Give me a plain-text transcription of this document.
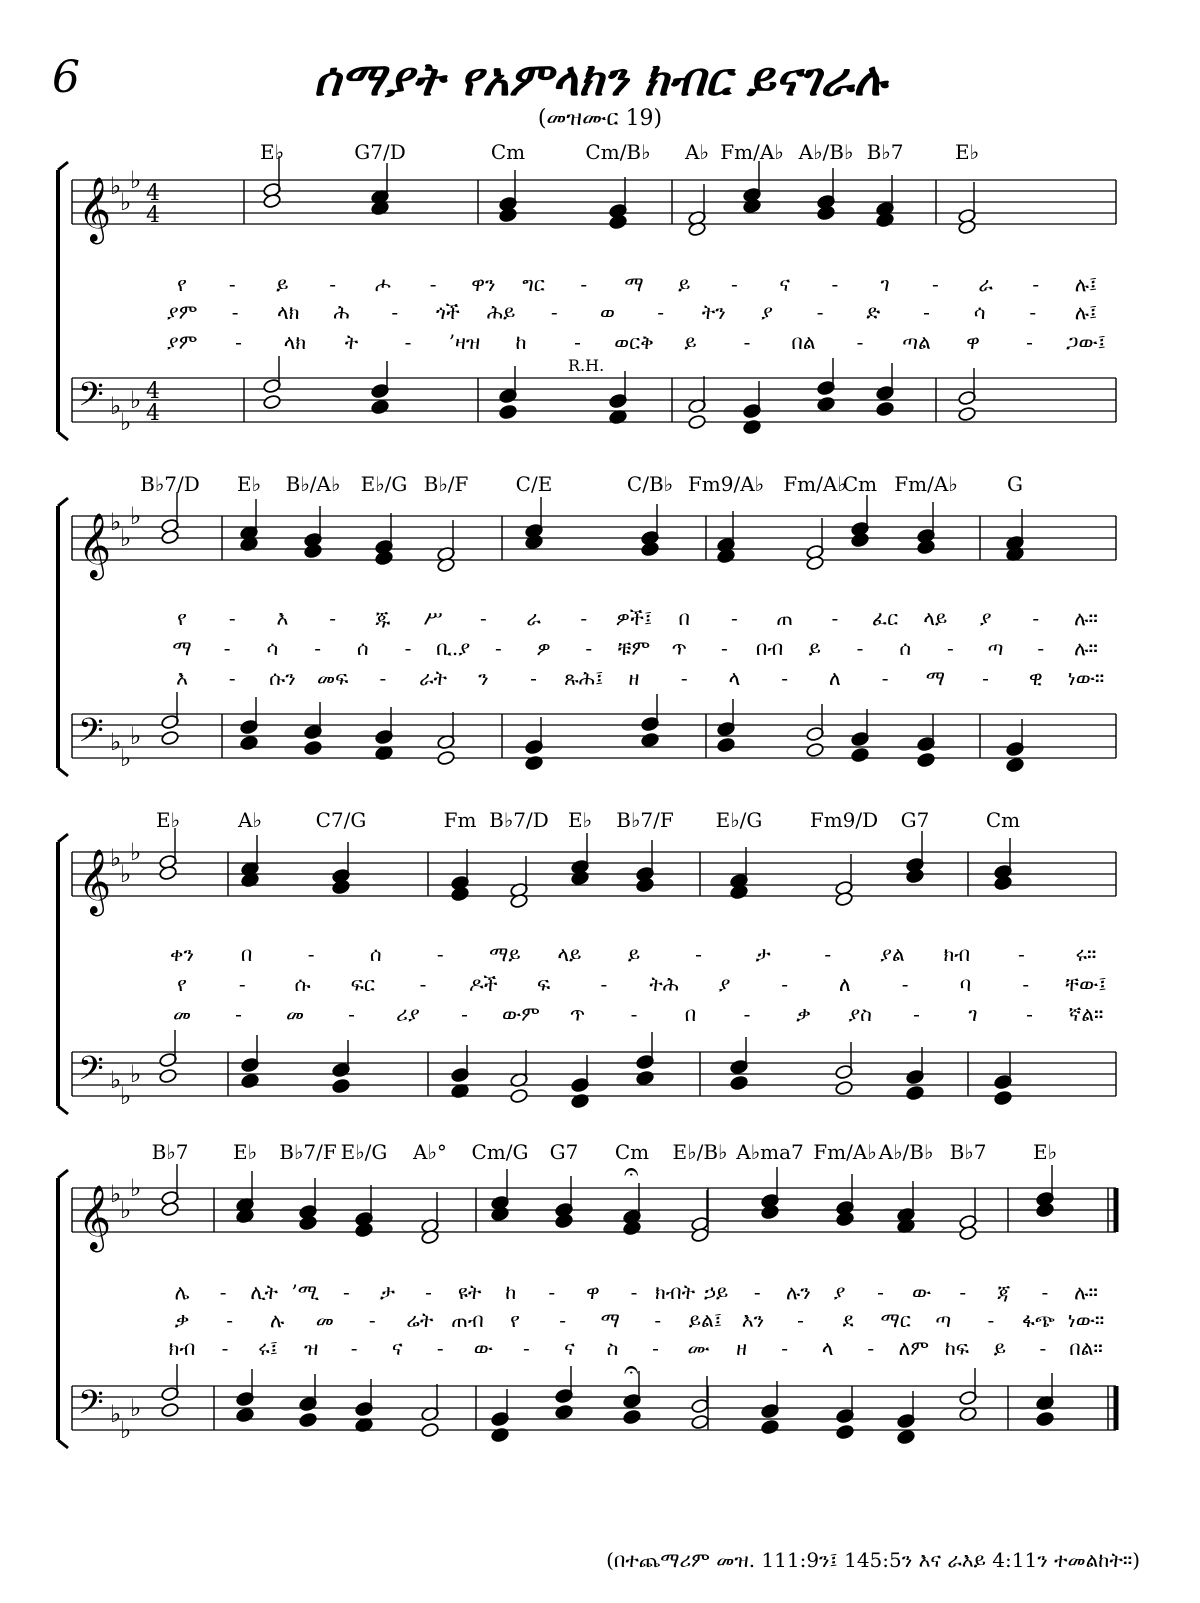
6	ሰማያት የአምላክን ክብር ይናገራሉ
(መዝሙር 19)
E♭	G7/D	Cm	Cm/B♭ A♭ Fm/A♭ A♭/B♭ B♭7	E♭
የ - ይ - ሖ - ዋን ግር - ማ ይ - ና - ገ - ራ - ሉ፤
ያም - ላክ ሕ - ጎች ሕይ - ወ - ትን ያ - ድ - ሳ - ሉ፤
ያም - ላክ ት - ’ዛዝ ከ - ወርቅ ይ - በል - ጣል ዋ - ጋው፤
𝄞
♭
♭
♭ 4
4
𝄢 ♭
♭
♭ 4
4
R.H.
B♭7/D E♭ B♭/A♭ E♭/G B♭/F C/E	C/B♭ Fm9/A♭ Fm/A♭
Cm Fm/A♭ G
የ - እ - ጁ ሥ - ራ - ዎች፤ በ - ጠ - ፈር ላይ ያ - ሉ።
ማ - ሳ - ሰ - ቢ.ያ - ዎ - ቹም ጥ - በብ ይ - ሰ - ጣ - ሉ።
እ - ሱን መፍ - ራት ን - ጹሕ፤ ዘ - ላ - ለ - ማ - ዊ ነው።
𝄞
♭
♭
♭
𝄢 ♭
♭
♭
E♭	A♭	C7/G	Fm B♭7/D E♭ B♭7/F E♭/G Fm9/D G7	Cm
ቀን በ	-	ሰ	- ማይ ላይ ይ	-	ታ	- ያል ክብ -	ሩ።
የ	- ሱ ፍር - ዶች ፍ	- ትሕ ያ	-	ለ	-	ባ	- ቸው፤
መ - መ - ሪያ - ውም ጥ - በ - ቃ ያስ - ገ - ኛል።
𝄞
♭
♭
♭
𝄢 ♭
♭
♭
B♭7 E♭ B♭7/F E♭/G A♭° Cm/G G7 Cm E♭/B♭ A♭ma7 Fm/A♭ A♭/B♭ B♭7 E♭
ሌ - ሊት ’ሚ - ታ - ዩት ከ - ዋ - ክብት ኃይ - ሉን ያ - ው - ጃ - ሉ።
ቃ - ሉ መ - ሬት ጠብ የ - ማ - ይል፤ እን - ደ ማር ጣ - ፋጭ ነው።
ክብ - ሩ፤ ዝ - ና - ው - ና ስ - ሙ ዘ - ላ - ለም ከፍ ይ - በል።
𝄞
♭
♭
♭
𝄢 ♭
♭
♭
𝄐
𝄐
(በተጨማሪም መዝ. 111:9ን፤ 145:5ን እና ራእይ 4:11ን ተመልከት።)
